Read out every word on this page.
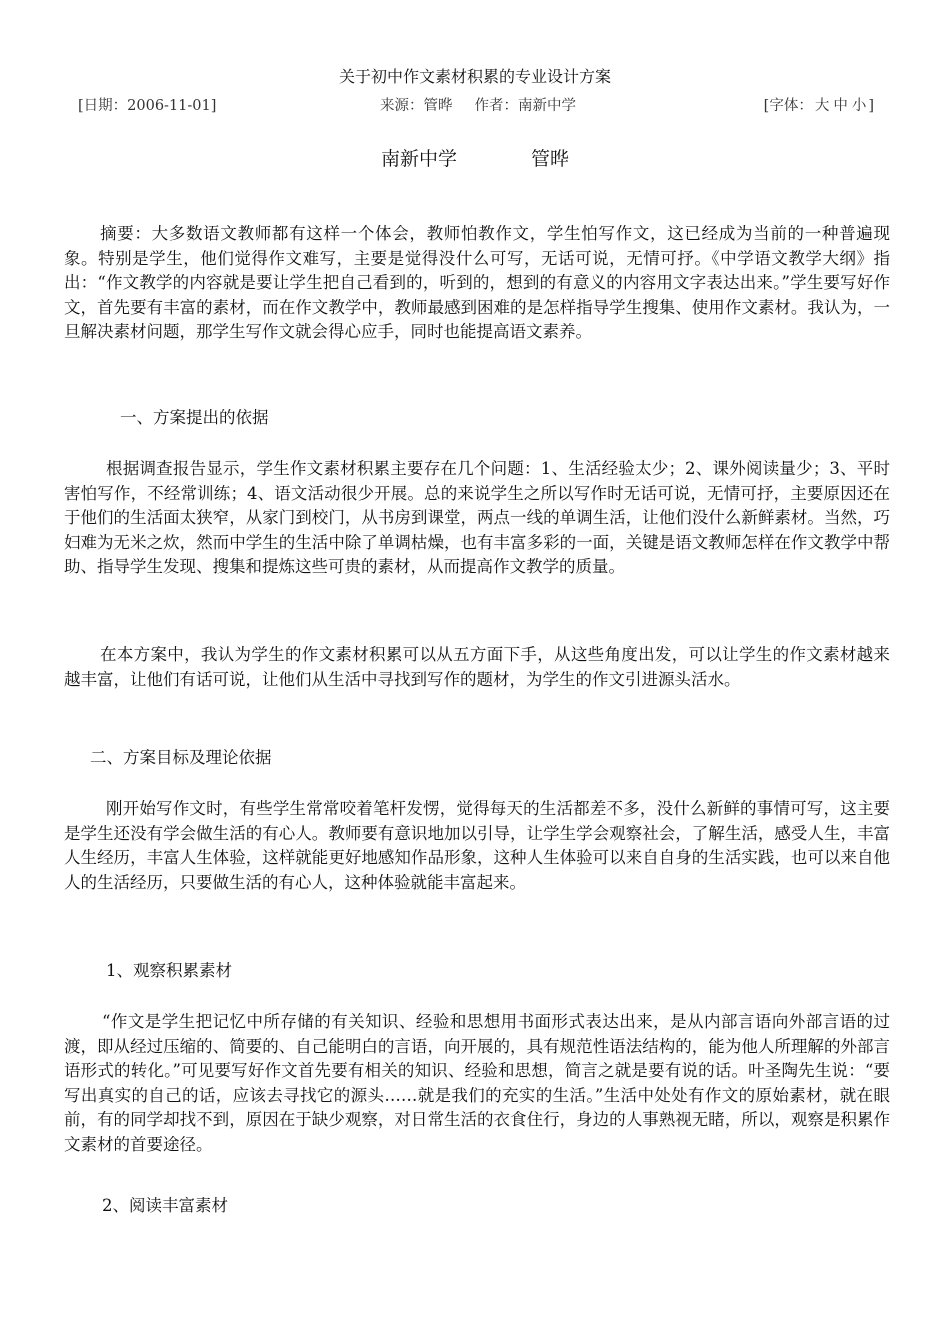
关于初中作文素材积累的专业设计方案
[日期：2006-11-01]	来源：管晔 作者：南新中学	[字体： 大 中 小 ]
南新中学	管晔

摘要：大多数语文教师都有这样一个体会，教师怕教作文，学生怕写作文，这已经成为当前的一种普遍现象。特别是学生，他们觉得作文难写，主要是觉得没什么可写，无话可说，无情可抒。《中学语文教学大纲》指出：“作文教学的内容就是要让学生把自己看到的，听到的，想到的有意义的内容用文字表达出来。”学生要写好作文，首先要有丰富的素材，而在作文教学中，教师最感到困难的是怎样指导学生搜集、使用作文素材。我认为，一旦解决素材问题，那学生写作文就会得心应手，同时也能提高语文素养。

一、方案提出的依据

根据调查报告显示，学生作文素材积累主要存在几个问题：1、生活经验太少；2、课外阅读量少；3、平时害怕写作，不经常训练；4、语文活动很少开展。总的来说学生之所以写作时无话可说，无情可抒，主要原因还在于他们的生活面太狭窄，从家门到校门，从书房到课堂，两点一线的单调生活，让他们没什么新鲜素材。当然，巧妇难为无米之炊，然而中学生的生活中除了单调枯燥，也有丰富多彩的一面，关键是语文教师怎样在作文教学中帮助、指导学生发现、搜集和提炼这些可贵的素材，从而提高作文教学的质量。

在本方案中，我认为学生的作文素材积累可以从五方面下手，从这些角度出发，可以让学生的作文素材越来越丰富，让他们有话可说，让他们从生活中寻找到写作的题材，为学生的作文引进源头活水。

二、方案目标及理论依据

刚开始写作文时，有些学生常常咬着笔杆发愣，觉得每天的生活都差不多，没什么新鲜的事情可写，这主要是学生还没有学会做生活的有心人。教师要有意识地加以引导，让学生学会观察社会，了解生活，感受人生，丰富人生经历，丰富人生体验，这样就能更好地感知作品形象，这种人生体验可以来自自身的生活实践，也可以来自他人的生活经历，只要做生活的有心人，这种体验就能丰富起来。

1、观察积累素材

“作文是学生把记忆中所存储的有关知识、经验和思想用书面形式表达出来，是从内部言语向外部言语的过渡，即从经过压缩的、简要的、自己能明白的言语，向开展的，具有规范性语法结构的，能为他人所理解的外部言语形式的转化。”可见要写好作文首先要有相关的知识、经验和思想，简言之就是要有说的话。叶圣陶先生说：“要写出真实的自己的话，应该去寻找它的源头……就是我们的充实的生活。”生活中处处有作文的原始素材，就在眼前，有的同学却找不到，原因在于缺少观察，对日常生活的衣食住行，身边的人事熟视无睹，所以，观察是积累作文素材的首要途径。

2、阅读丰富素材
